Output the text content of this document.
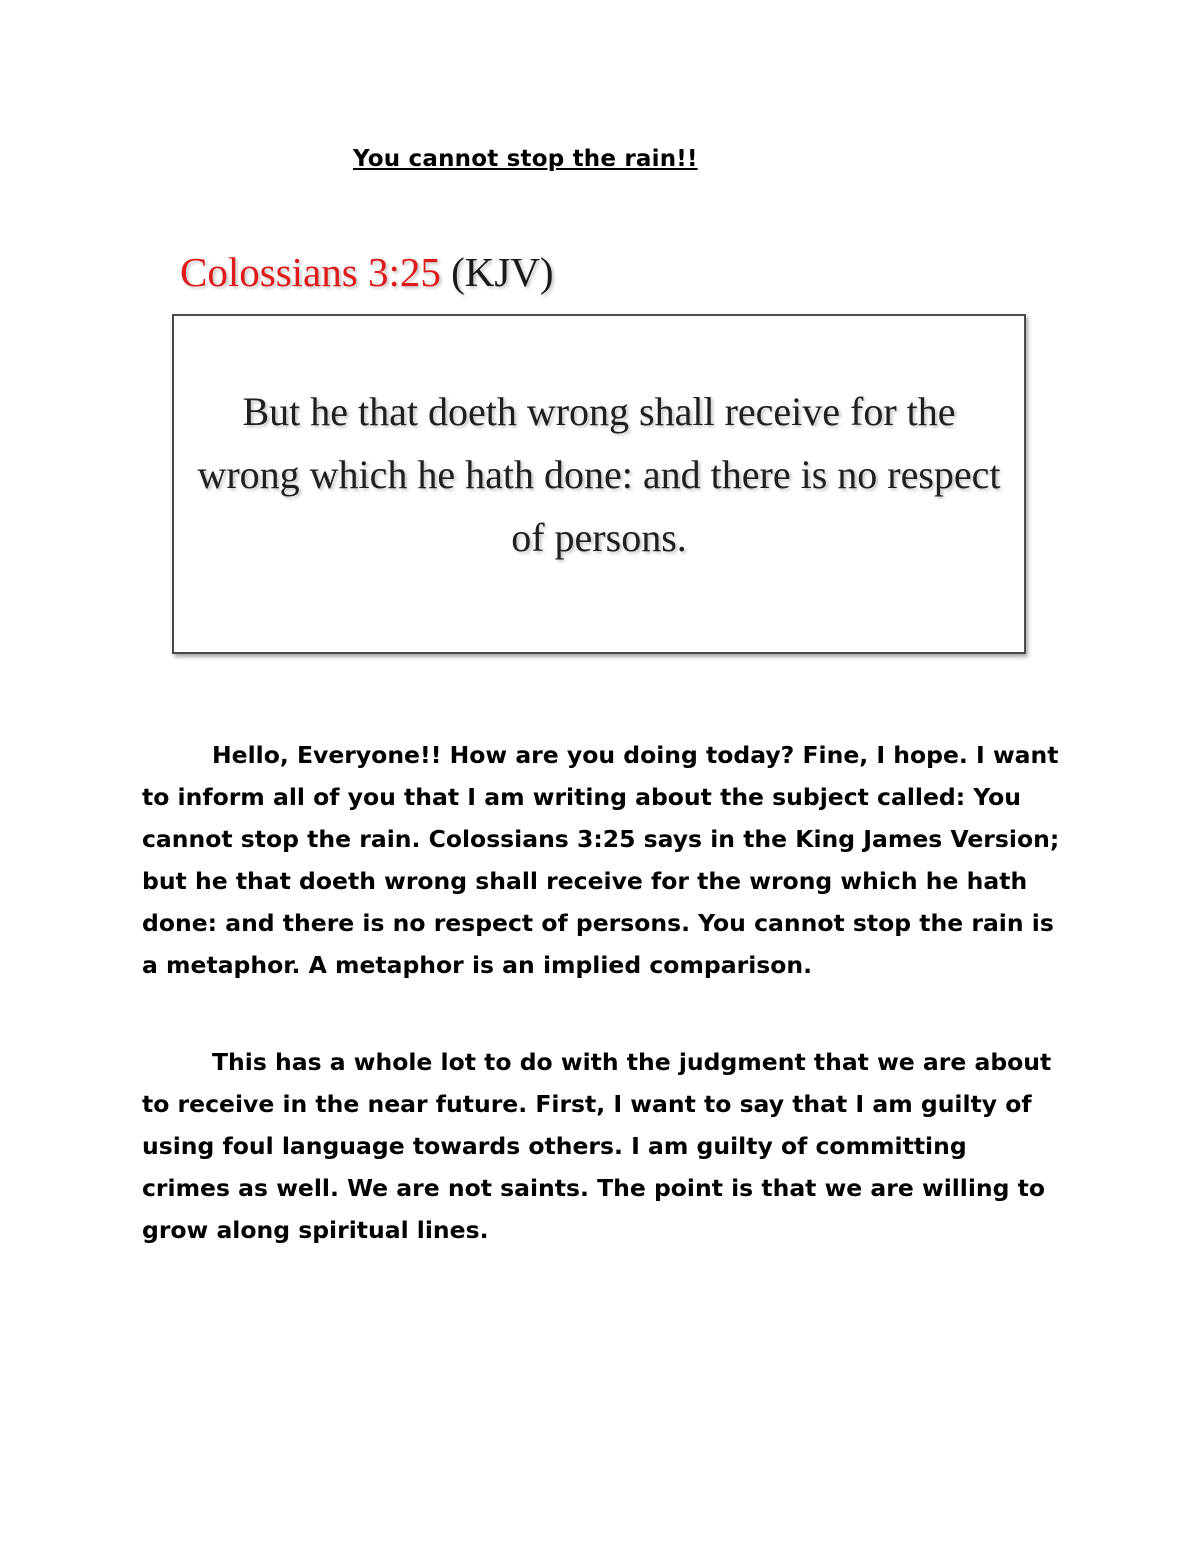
You cannot stop the rain!!
Colossians 3:25 (KJV)
But he that doeth wrong shall receive for the wrong which he hath done: and there is no respect of persons.

Hello, Everyone!! How are you doing today? Fine, I hope. I want to inform all of you that I am writing about the subject called: You cannot stop the rain. Colossians 3:25 says in the King James Version; but he that doeth wrong shall receive for the wrong which he hath done: and there is no respect of persons. You cannot stop the rain is a metaphor. A metaphor is an implied comparison.

This has a whole lot to do with the judgment that we are about to receive in the near future. First, I want to say that I am guilty of using foul language towards others. I am guilty of committing crimes as well. We are not saints. The point is that we are willing to grow along spiritual lines.
